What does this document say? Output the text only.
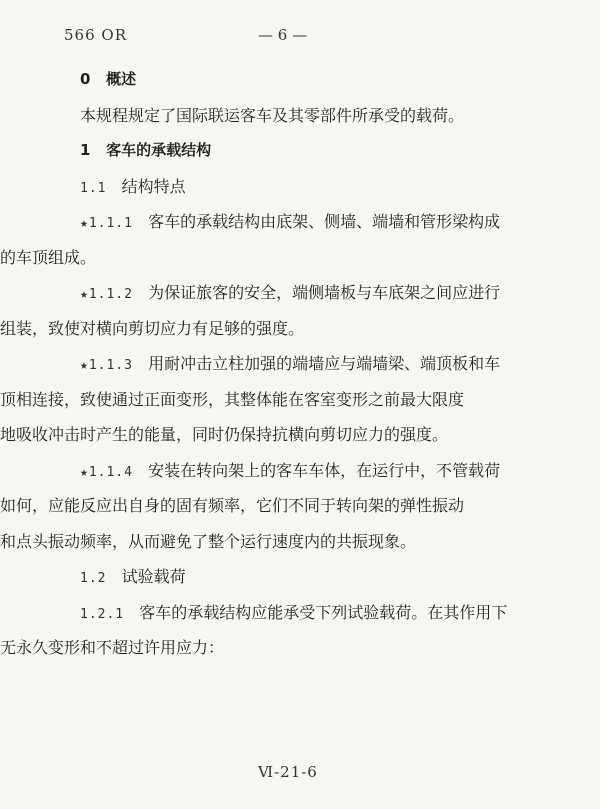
566 OR	— 6 —
0 概述
本规程规定了国际联运客车及其零部件所承受的载荷。
1 客车的承载结构
1.1 结构特点
★1.1.1 客车的承载结构由底架、侧墙、端墙和管形梁构成
的车顶组成。
★1.1.2 为保证旅客的安全，端侧墙板与车底架之间应进行
组装，致使对横向剪切应力有足够的强度。
★1.1.3 用耐冲击立柱加强的端墙应与端墙梁、端顶板和车
顶相连接，致使通过正面变形，其整体能在客室变形之前最大限度
地吸收冲击时产生的能量，同时仍保持抗横向剪切应力的强度。
★1.1.4 安装在转向架上的客车车体，在运行中，不管载荷
如何，应能反应出自身的固有频率，它们不同于转向架的弹性振动
和点头振动频率，从而避免了整个运行速度内的共振现象。
1.2 试验载荷
1.2.1 客车的承载结构应能承受下列试验载荷。在其作用下
无永久变形和不超过许用应力：
Ⅵ-21-6
